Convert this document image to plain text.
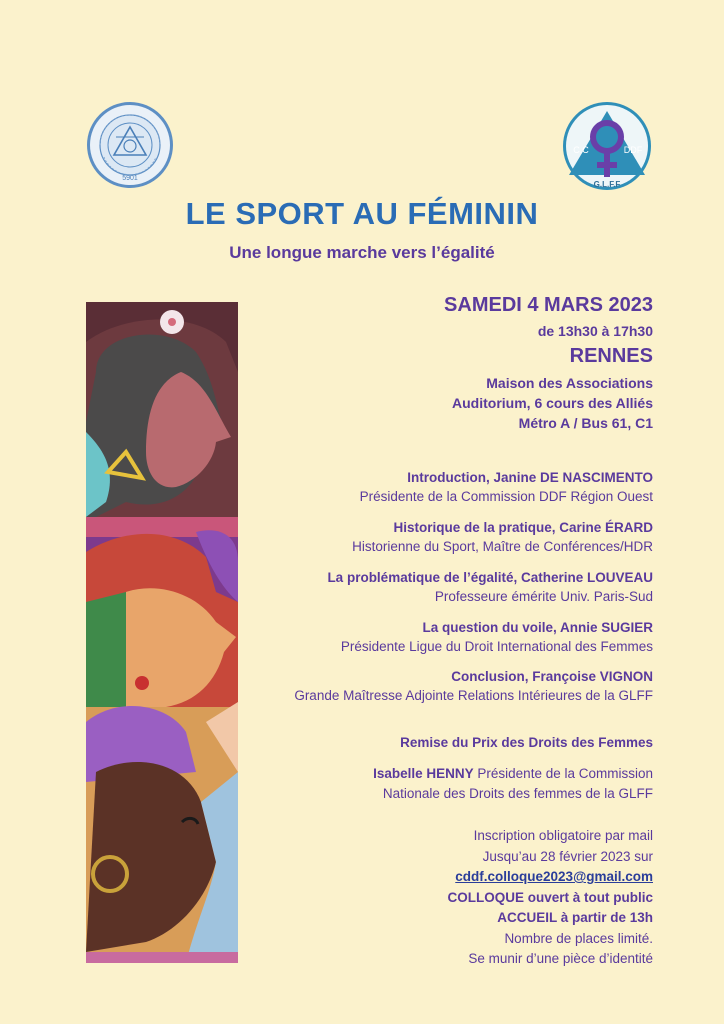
5901
C.C	DDF
G.L.F.F
LE SPORT AU FÉMININ
Une longue marche vers l’égalité
SAMEDI 4 MARS 2023
de 13h30 à 17h30
RENNES
Maison des Associations
Auditorium, 6 cours des Alliés
Métro A / Bus 61, C1
Introduction, Janine DE NASCIMENTO
Présidente de la Commission DDF Région Ouest
Historique de la pratique, Carine ÉRARD
Historienne du Sport, Maître de Conférences/HDR
La problématique de l’égalité, Catherine LOUVEAU
Professeure émérite Univ. Paris-Sud
La question du voile, Annie SUGIER
Présidente Ligue du Droit International des Femmes
Conclusion, Françoise VIGNON
Grande Maîtresse Adjointe Relations Intérieures de la GLFF
Remise du Prix des Droits des Femmes
Isabelle HENNY Présidente de la Commission
Nationale des Droits des femmes de la GLFF
Inscription obligatoire par mail
Jusqu’au 28 février 2023 sur
cddf.colloque2023@gmail.com
COLLOQUE ouvert à tout public
ACCUEIL à partir de 13h
Nombre de places limité.
Se munir d’une pièce d’identité
